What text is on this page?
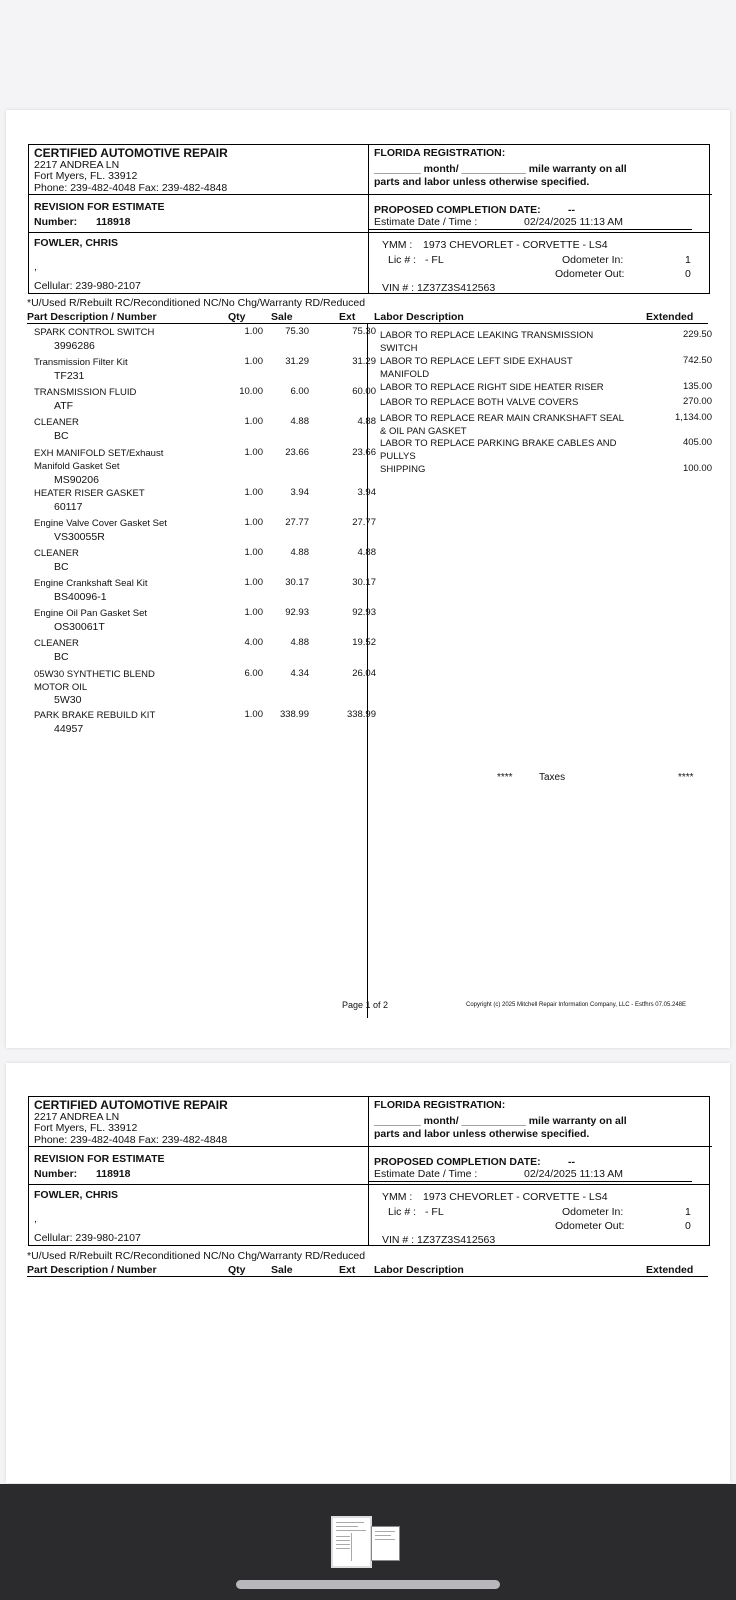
CERTIFIED AUTOMOTIVE REPAIR
2217 ANDREA LN
Fort Myers, FL. 33912
Phone: 239-482-4048 Fax: 239-482-4848
FLORIDA REGISTRATION:
________ month/ ___________ mile warranty on all
parts and labor unless otherwise specified.
REVISION FOR ESTIMATE
Number: 118918
PROPOSED COMPLETION DATE:	--
Estimate Date / Time :	02/24/2025 11:13 AM
FOWLER, CHRIS
,
Cellular: 239-980-2107
YMM : 1973 CHEVORLET - CORVETTE - LS4
Lic # : - FL	Odometer In:	1
Odometer Out:	0
VIN # : 1Z37Z3S412563
*U/Used R/Rebuilt RC/Reconditioned NC/No Chg/Warranty RD/Reduced
Part Description / Number	Qty Sale	Ext Labor Description	Extended
SPARK CONTROL SWITCH	1.00 75.30	75.30
3996286
Transmission Filter Kit	1.00 31.29	31.29
TF231
TRANSMISSION FLUID	10.00	6.00	60.00
ATF
CLEANER	1.00	4.88	4.88
BC
EXH MANIFOLD SET/Exhaust Manifold Gasket Set
1.00 23.66	23.66
MS90206
HEATER RISER GASKET	1.00	3.94	3.94
60117
Engine Valve Cover Gasket Set	1.00 27.77	27.77
VS30055R
CLEANER	1.00	4.88	4.88
BC
Engine Crankshaft Seal Kit	1.00 30.17	30.17
BS40096-1
Engine Oil Pan Gasket Set	1.00 92.93	92.93
OS30061T
CLEANER	4.00	4.88	19.52
BC
05W30 SYNTHETIC BLEND MOTOR OIL
6.00	4.34	26.04
5W30
PARK BRAKE REBUILD KIT	1.00 338.99	338.99
44957
LABOR TO REPLACE LEAKING TRANSMISSION SWITCH
229.50
LABOR TO REPLACE LEFT SIDE EXHAUST MANIFOLD
742.50
LABOR TO REPLACE RIGHT SIDE HEATER RISER	135.00
LABOR TO REPLACE BOTH VALVE COVERS	270.00
LABOR TO REPLACE REAR MAIN CRANKSHAFT SEAL & OIL PAN GASKET
1,134.00
LABOR TO REPLACE PARKING BRAKE CABLES AND PULLYS
405.00
SHIPPING	100.00
****	Taxes	****
Page 1 of 2	Copyright (c) 2025 Mitchell Repair Information Company, LLC - Estfhrs 07.05.248E
CERTIFIED AUTOMOTIVE REPAIR
2217 ANDREA LN
Fort Myers, FL. 33912
Phone: 239-482-4048 Fax: 239-482-4848
FLORIDA REGISTRATION:
________ month/ ___________ mile warranty on all
parts and labor unless otherwise specified.
REVISION FOR ESTIMATE
Number: 118918
PROPOSED COMPLETION DATE:	--
Estimate Date / Time :	02/24/2025 11:13 AM
FOWLER, CHRIS
,
Cellular: 239-980-2107
YMM : 1973 CHEVORLET - CORVETTE - LS4
Lic # : - FL	Odometer In:	1
Odometer Out:	0
VIN # : 1Z37Z3S412563
*U/Used R/Rebuilt RC/Reconditioned NC/No Chg/Warranty RD/Reduced
Part Description / Number	Qty Sale	Ext Labor Description	Extended
